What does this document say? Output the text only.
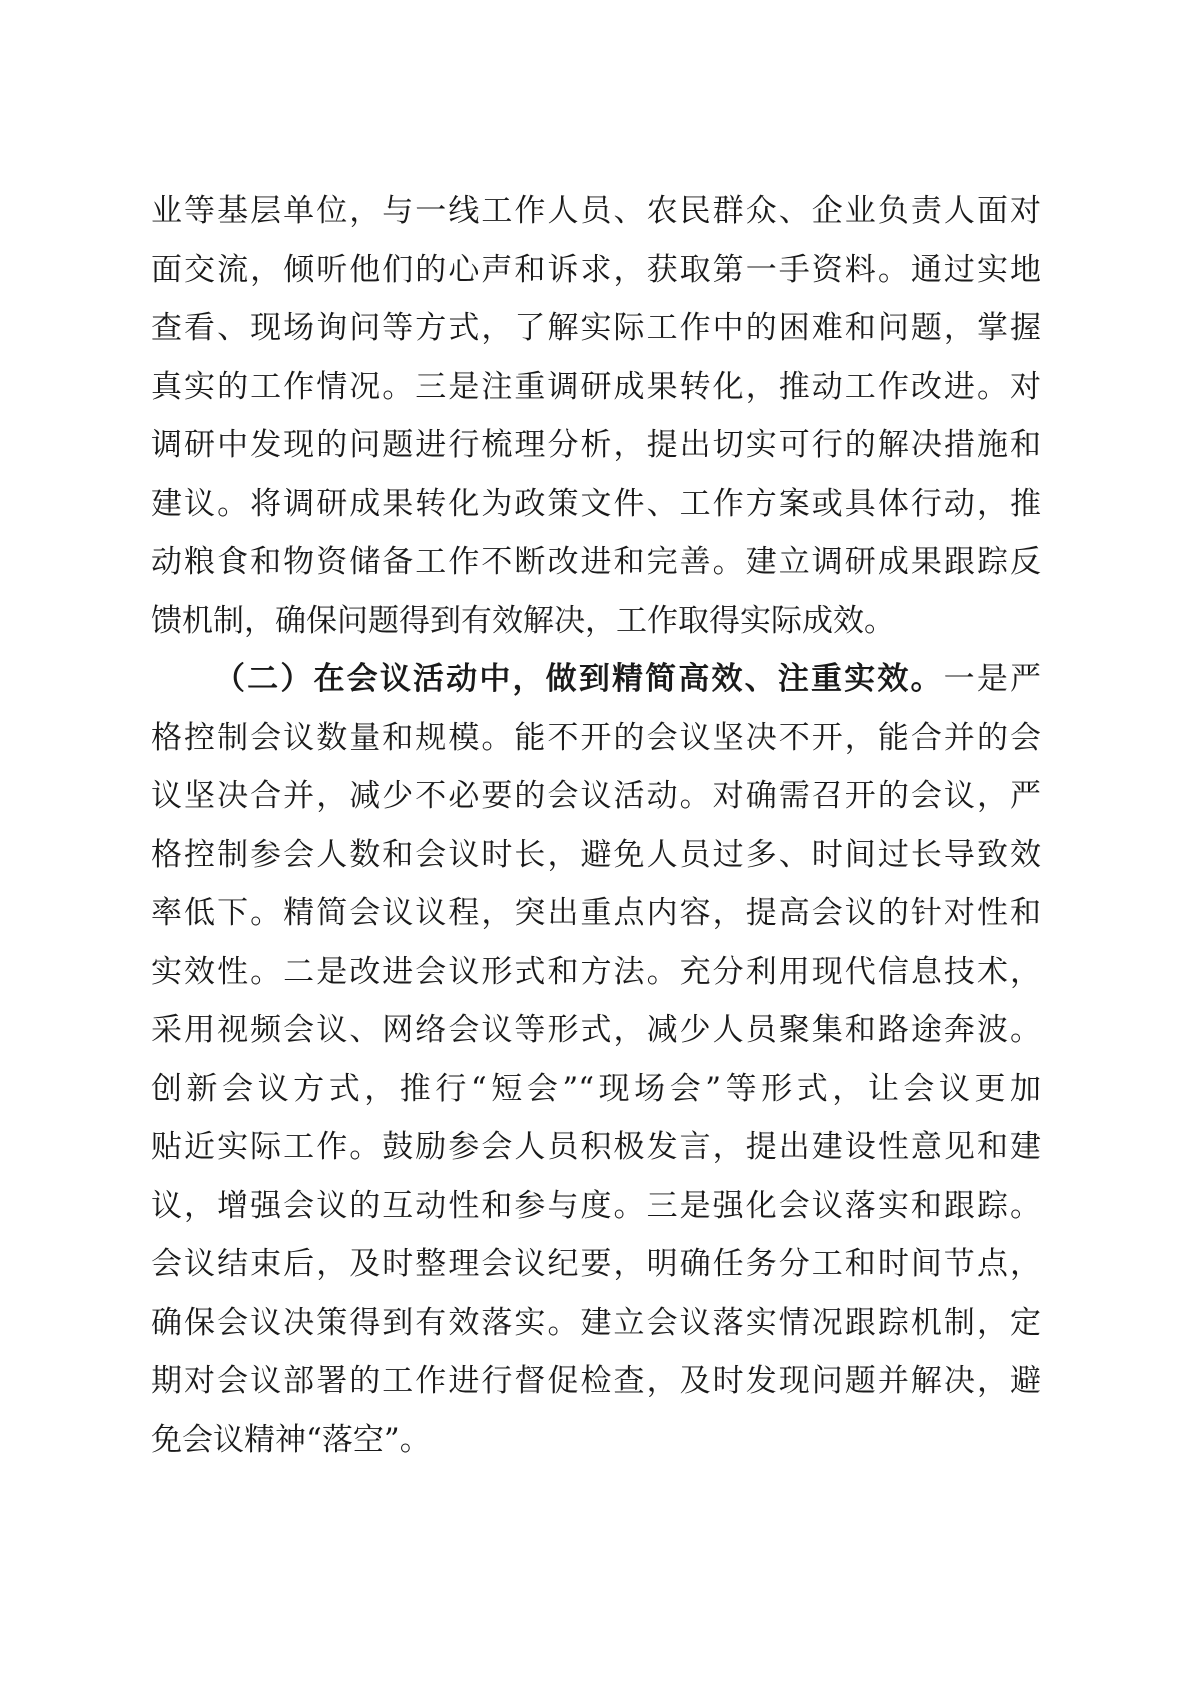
业等基层单位，与一线工作人员、农民群众、企业负责人面对
面交流，倾听他们的心声和诉求，获取第一手资料。通过实地
查看、现场询问等方式，了解实际工作中的困难和问题，掌握
真实的工作情况。三是注重调研成果转化，推动工作改进。对
调研中发现的问题进行梳理分析，提出切实可行的解决措施和
建议。将调研成果转化为政策文件、工作方案或具体行动，推
动粮食和物资储备工作不断改进和完善。建立调研成果跟踪反
馈机制，确保问题得到有效解决，工作取得实际成效。
（二）在会议活动中，做到精简高效、注重实效。一是严
格控制会议数量和规模。能不开的会议坚决不开，能合并的会
议坚决合并，减少不必要的会议活动。对确需召开的会议，严
格控制参会人数和会议时长，避免人员过多、时间过长导致效
率低下。精简会议议程，突出重点内容，提高会议的针对性和
实效性。二是改进会议形式和方法。充分利用现代信息技术，
采用视频会议、网络会议等形式，减少人员聚集和路途奔波。
创新会议方式，推行“短会”“现场会”等形式，让会议更加
贴近实际工作。鼓励参会人员积极发言，提出建设性意见和建
议，增强会议的互动性和参与度。三是强化会议落实和跟踪。
会议结束后，及时整理会议纪要，明确任务分工和时间节点，
确保会议决策得到有效落实。建立会议落实情况跟踪机制，定
期对会议部署的工作进行督促检查，及时发现问题并解决，避
免会议精神“落空”。
